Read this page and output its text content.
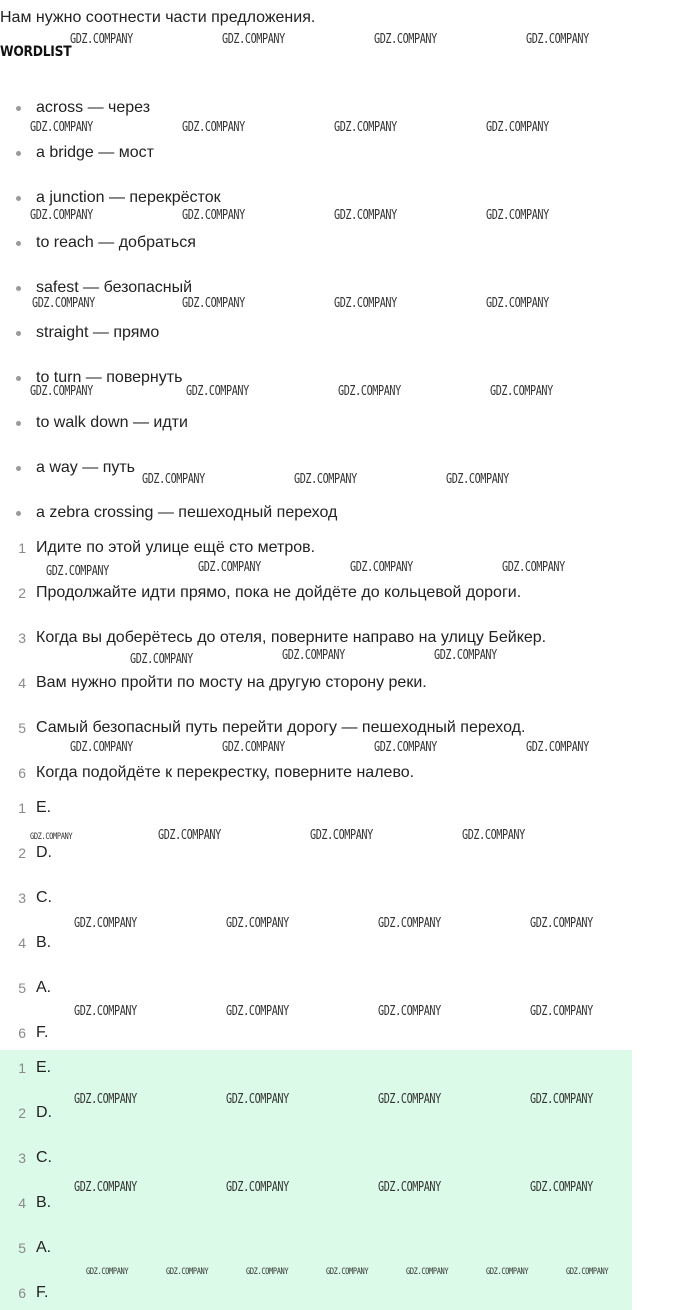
Нам нужно соотнести части предложения.
WORDLIST
across — через
a bridge — мост
a junction — перекрёсток
to reach — добраться
safest — безопасный
straight — прямо
to turn — повернуть
to walk down — идти
a way — путь
a zebra crossing — пешеходный переход
1 Идите по этой улице ещё сто метров.
2 Продолжайте идти прямо, пока не дойдёте до кольцевой дороги.
3 Когда вы доберётесь до отеля, поверните направо на улицу Бейкер.
4 Вам нужно пройти по мосту на другую сторону реки.
5 Самый безопасный путь перейти дорогу — пешеходный переход.
6 Когда подойдёте к перекрестку, поверните налево.
1 E.
2 D.
3 C.
4 B.
5 A.
6 F.
1 E.
2 D.
3 C.
4 B.
5 A.
6 F.
GDZ.COMPANY	GDZ.COMPANY	GDZ.COMPANY	GDZ.COMPANY
GDZ.COMPANY	GDZ.COMPANY	GDZ.COMPANY	GDZ.COMPANY
GDZ.COMPANY	GDZ.COMPANY	GDZ.COMPANY	GDZ.COMPANY
GDZ.COMPANY	GDZ.COMPANY	GDZ.COMPANY	GDZ.COMPANY
GDZ.COMPANY	GDZ.COMPANY	GDZ.COMPANY	GDZ.COMPANY
GDZ.COMPANY	GDZ.COMPANY	GDZ.COMPANY
GDZ.COMPANY	GDZ.COMPANY	GDZ.COMPANY	GDZ.COMPANY
GDZ.COMPANY	GDZ.COMPANY	GDZ.COMPANY
GDZ.COMPANY	GDZ.COMPANY	GDZ.COMPANY	GDZ.COMPANY
GDZ.COMPANY	GDZ.COMPANY	GDZ.COMPANY
GDZ.COMPANY	GDZ.COMPANY	GDZ.COMPANY	GDZ.COMPANY
GDZ.COMPANY	GDZ.COMPANY	GDZ.COMPANY	GDZ.COMPANY
GDZ.COMPANY	GDZ.COMPANY	GDZ.COMPANY	GDZ.COMPANY
GDZ.COMPANY	GDZ.COMPANY	GDZ.COMPANY	GDZ.COMPANY
GDZ.COMPANY
GDZ.COMPANY	GDZ.COMPANY	GDZ.COMPANY	GDZ.COMPANY	GDZ.COMPANY	GDZ.COMPANY	GDZ.COMPANY
